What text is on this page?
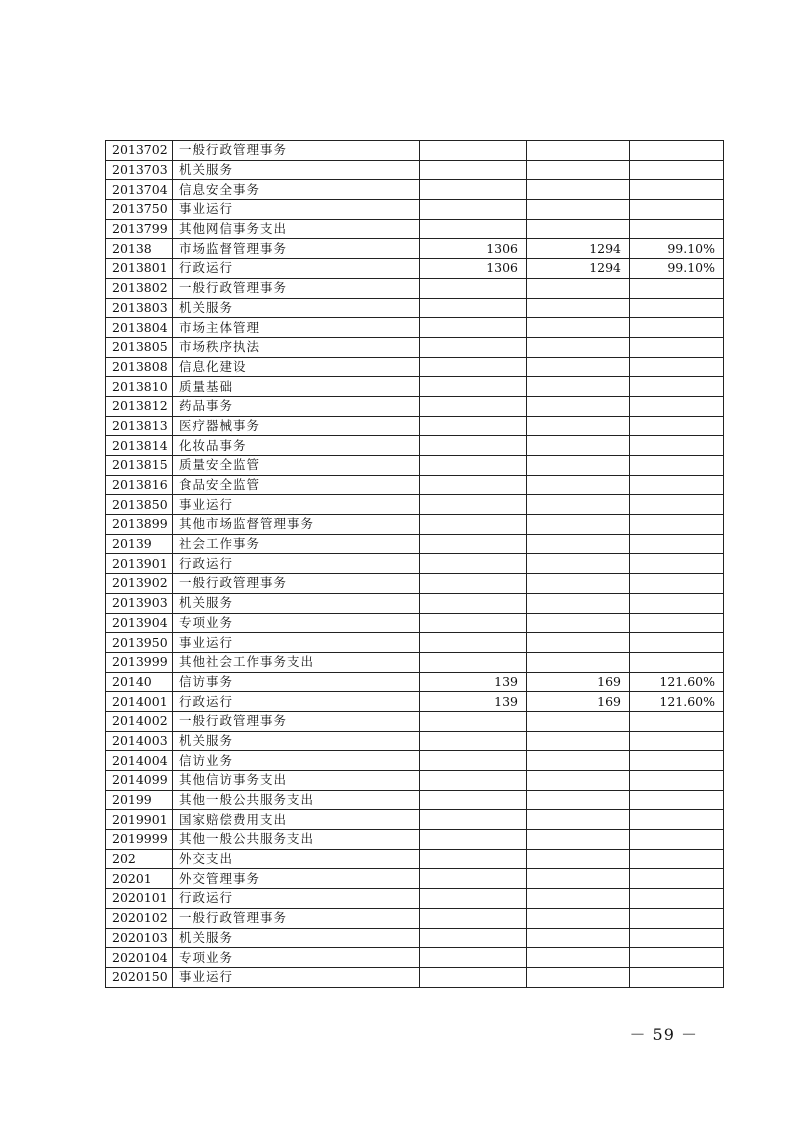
2013702	一般行政管理事务			
2013703	机关服务			
2013704	信息安全事务			
2013750	事业运行			
2013799	其他网信事务支出			
20138	市场监督管理事务	1306	1294	99.10%
2013801	行政运行	1306	1294	99.10%
2013802	一般行政管理事务			
2013803	机关服务			
2013804	市场主体管理			
2013805	市场秩序执法			
2013808	信息化建设			
2013810	质量基础			
2013812	药品事务			
2013813	医疗器械事务			
2013814	化妆品事务			
2013815	质量安全监管			
2013816	食品安全监管			
2013850	事业运行			
2013899	其他市场监督管理事务			
20139	社会工作事务			
2013901	行政运行			
2013902	一般行政管理事务			
2013903	机关服务			
2013904	专项业务			
2013950	事业运行			
2013999	其他社会工作事务支出			
20140	信访事务	139	169	121.60%
2014001	行政运行	139	169	121.60%
2014002	一般行政管理事务			
2014003	机关服务			
2014004	信访业务			
2014099	其他信访事务支出			
20199	其他一般公共服务支出			
2019901	国家赔偿费用支出			
2019999	其他一般公共服务支出			
202	外交支出			
20201	外交管理事务			
2020101	行政运行			
2020102	一般行政管理事务			
2020103	机关服务			
2020104	专项业务			
2020150	事业运行			
－ 59 －
